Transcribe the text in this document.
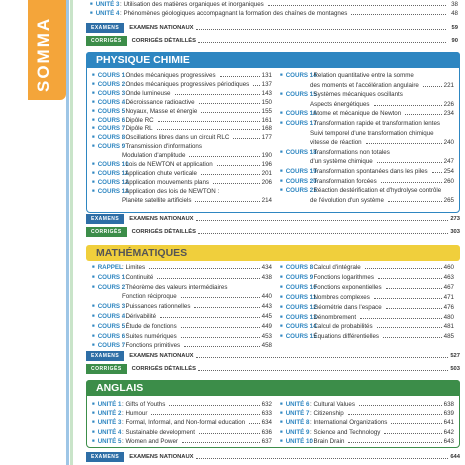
SOMMA
■ UNITÉ 3 : Utilisation des matières organiques et inorganiques	38
■ UNITÉ 4 : Phénomènes géologiques accompagnant la formation des chaînes de montagnes	48
EXAMENS	EXAMENS NATIONAUX	59
CORRIGÉS	CORRIGÉS DÉTAILLÉS	90
PHYSIQUE CHIMIE
■ COURS 1
: Ondes mécaniques progressives	131
■ COURS 2
: Ondes mécaniques progressives périodiques	137
■ COURS 3
: Onde lumineuse	143
■ COURS 4
: Décroissance radioactive	150
■ COURS 5
: Noyaux, Masse et énergie	155
■ COURS 6
: Dipôle RC	161
■ COURS 7
: Dipôle RL	168
■ COURS 8
: Oscillations libres dans un circuit RLC	177
■ COURS 9
: Transmission d'informations
Modulation d'amplitude	190
■ COURS 10
: Lois de NEWTON et application	196
■ COURS 11
: Application chute verticale	201
■ COURS 12
: Application mouvements plans	206
■ COURS 13
: Application des lois de NEWTON :
Planète satellite artificiels	214
■ COURS 14
: Relation quantitative entre la somme
des moments et l'accélération angulaire	221
■ COURS 15
: Systèmes mécaniques oscillants
Aspects énergétiques	226
■ COURS 16
: Atome et mécanique de Newton	234
■ COURS 17
: Transformation rapide et transformation lentes
Suivi temporel d'une transformation chimique
vitesse de réaction	240
■ COURS 18
: Transformations non totales
d'un système chimique	247
■ COURS 19
: Transformation spontanées dans les piles	254
■ COURS 20
: Transformation forcées	260
■ COURS 21
: Réaction destérification et d'hydrolyse contrôle
de l'évolution d'un système	265
EXAMENS	EXAMENS NATIONAUX	273
CORRIGÉS	CORRIGÉS DÉTAILLÉS	303
MATHÉMATIQUES
■ RAPPEL : Limites	434
■ COURS 1
: Continuité	438
■ COURS 2
: Théorème des valeurs intermédiaires
Fonction réciproque	440
■ COURS 3
: Puissances rationnelles	443
■ COURS 4
: Dérivabilité	445
■ COURS 5
: Étude de fonctions	449
■ COURS 6
: Suites numériques	453
■ COURS 7
: Fonctions primitives	458
■ COURS 8
: Calcul d'intégrale	460
■ COURS 9
: Fonctions logarithmes	463
■ COURS 10
: Fonctions exponentielles	467
■ COURS 11
: Nombres complexes	471
■ COURS 12
: Géométrie dans l'espace	476
■ COURS 13
: Dénombrement	480
■ COURS 14
: Calcul de probabilités	481
■ COURS 15
: Équations différentielles	485
EXAMENS	EXAMENS NATIONAUX	527
CORRIGÉS	CORRIGÉS DÉTAILLÉS	503
ANGLAIS
■ UNITÉ 1 : Gifts of Youths	632
■ UNITÉ 2 : Humour	633
■ UNITÉ 3 : Formal, Informal, and Non-formal education	634
■ UNITÉ 4 : Sustainable development	636
■ UNITÉ 5 : Women and Power	637
■ UNITÉ 6 : Cultural Values	638
■ UNITÉ 7 : Citizenship	639
■ UNITÉ 8 : International Organizations	641
■ UNITÉ 9 : Science and Technology	642
■ UNITÉ 10
: Brain Drain	643
EXAMENS	EXAMENS NATIONAUX	644
